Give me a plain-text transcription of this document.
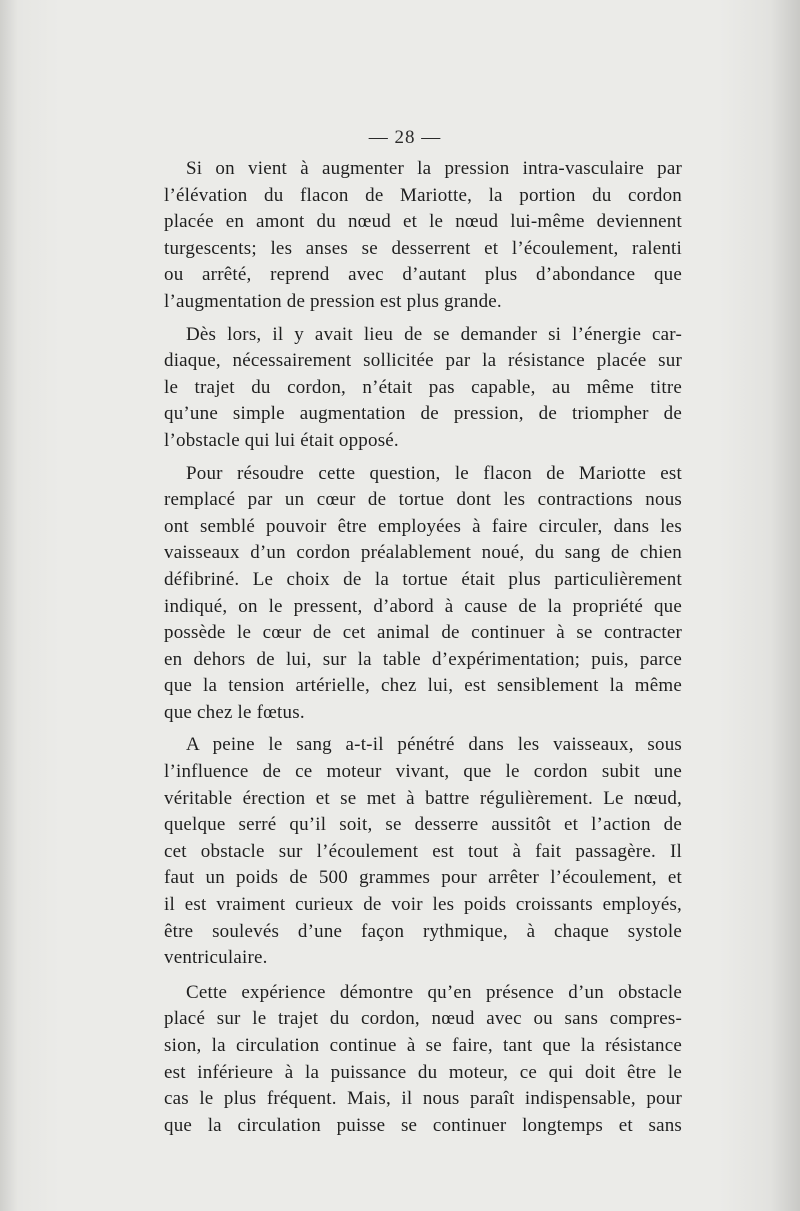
— 28 —
Si on vient à augmenter la pression intra-vasculaire par
l’élévation du flacon de Mariotte, la portion du cordon
placée en amont du nœud et le nœud lui-même deviennent
turgescents; les anses se desserrent et l’écoulement, ralenti
ou arrêté, reprend avec d’autant plus d’abondance que
l’augmentation de pression est plus grande.
Dès lors, il y avait lieu de se demander si l’énergie car-
diaque, nécessairement sollicitée par la résistance placée sur
le trajet du cordon, n’était pas capable, au même titre
qu’une simple augmentation de pression, de triompher de
l’obstacle qui lui était opposé.
Pour résoudre cette question, le flacon de Mariotte est
remplacé par un cœur de tortue dont les contractions nous
ont semblé pouvoir être employées à faire circuler, dans les
vaisseaux d’un cordon préalablement noué, du sang de chien
défibriné. Le choix de la tortue était plus particulièrement
indiqué, on le pressent, d’abord à cause de la propriété que
possède le cœur de cet animal de continuer à se contracter
en dehors de lui, sur la table d’expérimentation; puis, parce
que la tension artérielle, chez lui, est sensiblement la même
que chez le fœtus.
A peine le sang a-t-il pénétré dans les vaisseaux, sous
l’influence de ce moteur vivant, que le cordon subit une
véritable érection et se met à battre régulièrement. Le nœud,
quelque serré qu’il soit, se desserre aussitôt et l’action de
cet obstacle sur l’écoulement est tout à fait passagère. Il
faut un poids de 500 grammes pour arrêter l’écoulement, et
il est vraiment curieux de voir les poids croissants employés,
être soulevés d’une façon rythmique, à chaque systole
ventriculaire.
Cette expérience démontre qu’en présence d’un obstacle
placé sur le trajet du cordon, nœud avec ou sans compres-
sion, la circulation continue à se faire, tant que la résistance
est inférieure à la puissance du moteur, ce qui doit être le
cas le plus fréquent. Mais, il nous paraît indispensable, pour
que la circulation puisse se continuer longtemps et sans
